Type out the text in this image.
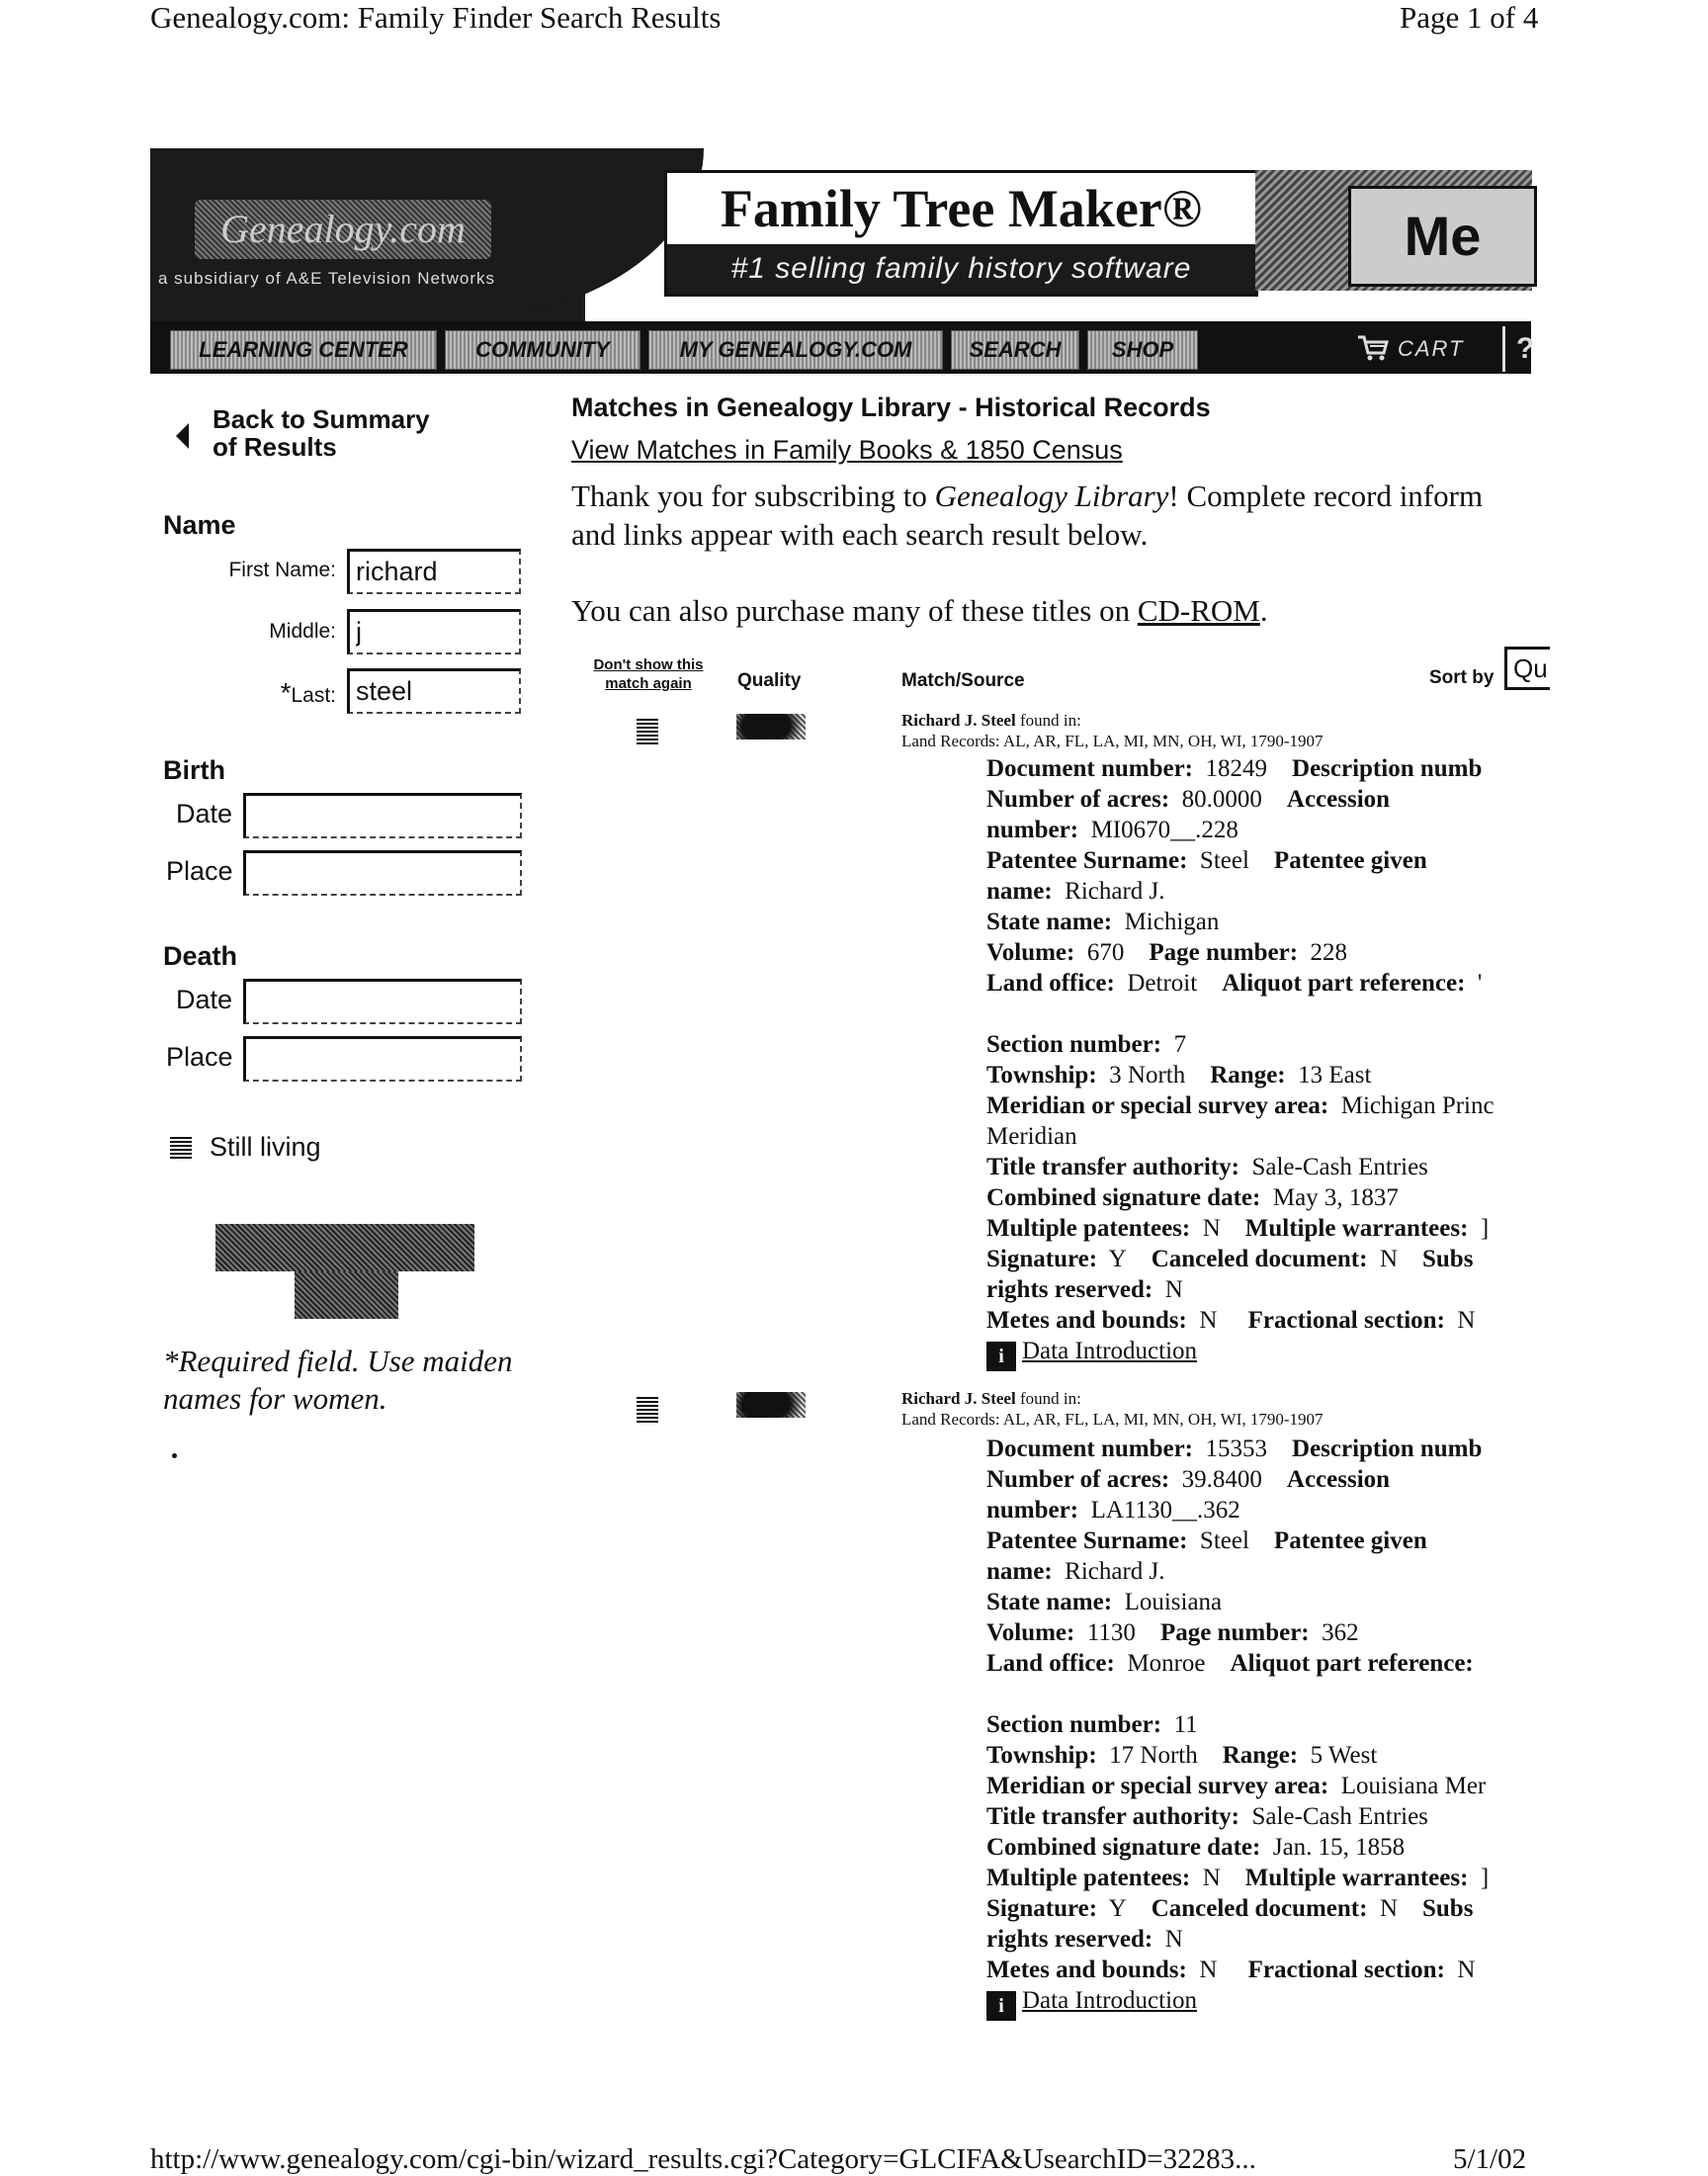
Genealogy.com: Family Finder Search Results	Page 1 of 4
Genealogy.com
a subsidiary of A&E Television Networks
Family Tree Maker®
#1 selling family history software
Me
LEARNING CENTER	COMMUNITY	MY GENEALOGY.COM	SEARCH	SHOP	CART ?
Back to Summary
of Results
Name
First Name:
richard
Middle:
j
*Last:
steel
Birth
Date
Place
Death
Date
Place
Still living
*Required field. Use maiden names for women.
Matches in Genealogy Library - Historical Records
View Matches in Family Books & 1850 Census
Thank you for subscribing to Genealogy Library! Complete record inform
and links appear with each search result below.
You can also purchase many of these titles on CD-ROM.
Don't show this match again	Quality	Match/Source	Sort by Qu
Richard J. Steel found in:
Land Records: AL, AR, FL, LA, MI, MN, OH, WI, 1790-1907
Document number: 18249 Description numb
Number of acres: 80.0000 Accession
number: MI0670__.228
Patentee Surname: Steel Patentee given
name: Richard J.
State name: Michigan
Volume: 670 Page number: 228
Land office: Detroit Aliquot part reference: '
Section number: 7
Township: 3 North Range: 13 East
Meridian or special survey area: Michigan Princ
Meridian
Title transfer authority: Sale-Cash Entries
Combined signature date: May 3, 1837
Multiple patentees: N Multiple warrantees: ]
Signature: Y Canceled document: N Subs
rights reserved: N
Metes and bounds: N Fractional section: N
i Data Introduction
Richard J. Steel found in:
Land Records: AL, AR, FL, LA, MI, MN, OH, WI, 1790-1907
Document number: 15353 Description numb
Number of acres: 39.8400 Accession
number: LA1130__.362
Patentee Surname: Steel Patentee given
name: Richard J.
State name: Louisiana
Volume: 1130 Page number: 362
Land office: Monroe Aliquot part reference:
Section number: 11
Township: 17 North Range: 5 West
Meridian or special survey area: Louisiana Mer
Title transfer authority: Sale-Cash Entries
Combined signature date: Jan. 15, 1858
Multiple patentees: N Multiple warrantees: ]
Signature: Y Canceled document: N Subs
rights reserved: N
Metes and bounds: N Fractional section: N
i Data Introduction
http://www.genealogy.com/cgi-bin/wizard_results.cgi?Category=GLCIFA&UsearchID=32283...	5/1/02
